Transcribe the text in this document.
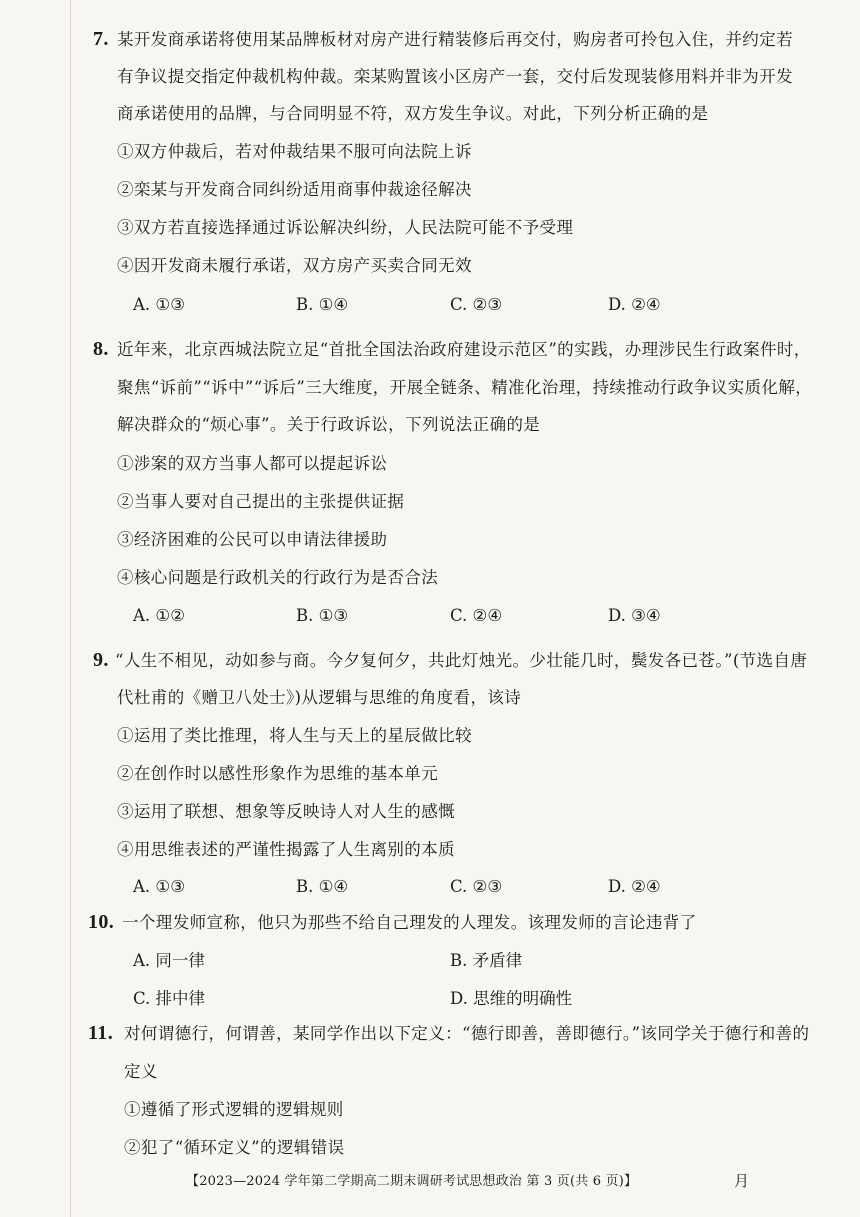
7. 某开发商承诺将使用某品牌板材对房产进行精装修后再交付，购房者可拎包入住，并约定若
有争议提交指定仲裁机构仲裁。栾某购置该小区房产一套，交付后发现装修用料并非为开发
商承诺使用的品牌，与合同明显不符，双方发生争议。对此，下列分析正确的是
①双方仲裁后，若对仲裁结果不服可向法院上诉
②栾某与开发商合同纠纷适用商事仲裁途径解决
③双方若直接选择通过诉讼解决纠纷，人民法院可能不予受理
④因开发商未履行承诺，双方房产买卖合同无效
A. ①③	B. ①④	C. ②③	D. ②④
8. 近年来，北京西城法院立足“首批全国法治政府建设示范区”的实践，办理涉民生行政案件时，
聚焦“诉前”“诉中”“诉后”三大维度，开展全链条、精准化治理，持续推动行政争议实质化解，
解决群众的“烦心事”。关于行政诉讼，下列说法正确的是
①涉案的双方当事人都可以提起诉讼
②当事人要对自己提出的主张提供证据
③经济困难的公民可以申请法律援助
④核心问题是行政机关的行政行为是否合法
A. ①②	B. ①③	C. ②④	D. ③④
9. “人生不相见，动如参与商。今夕复何夕，共此灯烛光。少壮能几时，鬓发各已苍。”(节选自唐
代杜甫的《赠卫八处士》)从逻辑与思维的角度看，该诗
①运用了类比推理，将人生与天上的星辰做比较
②在创作时以感性形象作为思维的基本单元
③运用了联想、想象等反映诗人对人生的感慨
④用思维表述的严谨性揭露了人生离别的本质
A. ①③	B. ①④	C. ②③	D. ②④
10. 一个理发师宣称，他只为那些不给自己理发的人理发。该理发师的言论违背了
A. 同一律	B. 矛盾律
C. 排中律	D. 思维的明确性
11. 对何谓德行，何谓善，某同学作出以下定义：“德行即善，善即德行。”该同学关于德行和善的
定义
①遵循了形式逻辑的逻辑规则
②犯了“循环定义”的逻辑错误
【2023—2024 学年第二学期高二期末调研考试思想政治 第 3 页(共 6 页)】	月
